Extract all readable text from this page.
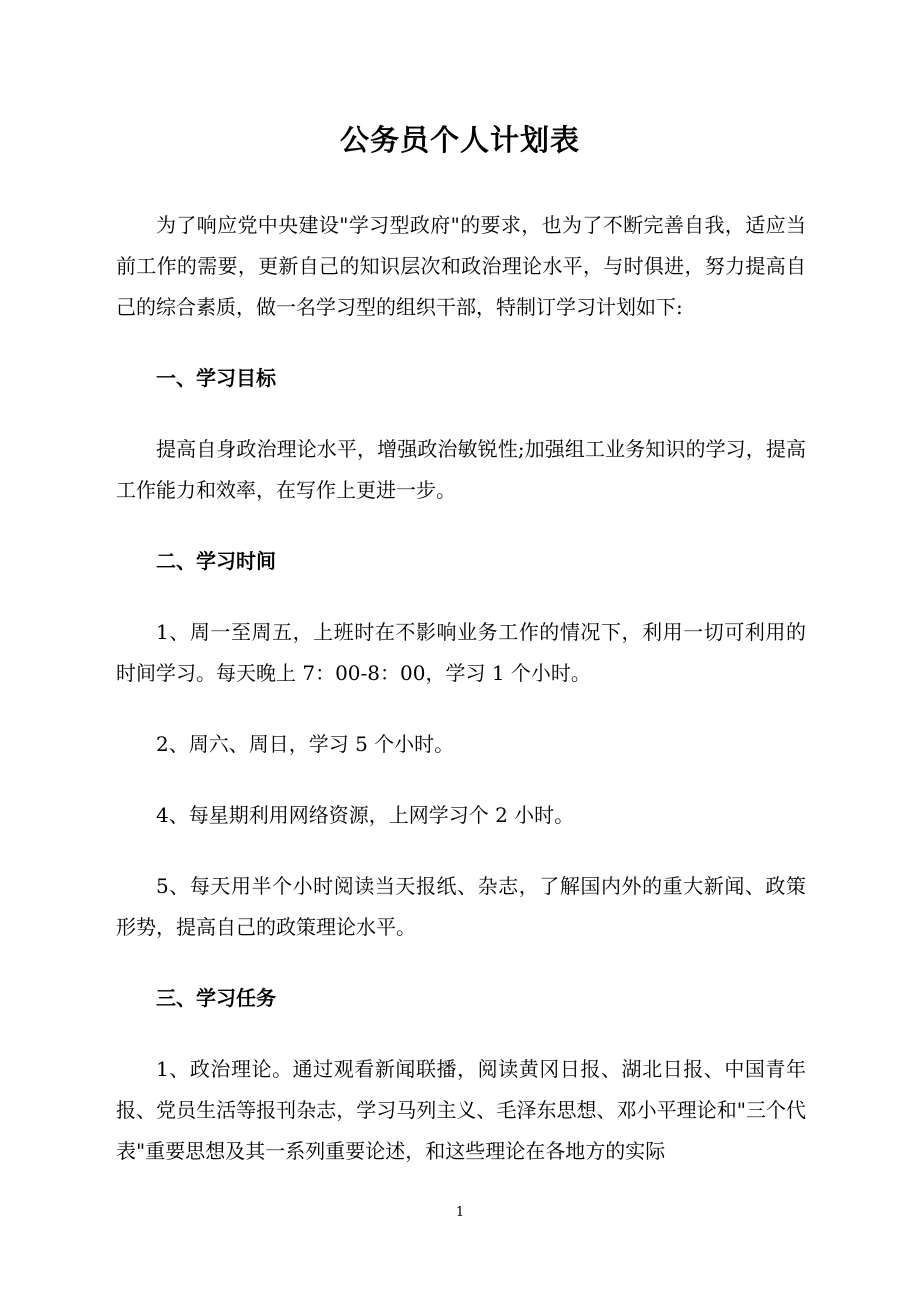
公务员个人计划表

为了响应党中央建设"学习型政府"的要求，也为了不断完善自我，适应当前工作的需要，更新自己的知识层次和政治理论水平，与时俱进，努力提高自己的综合素质，做一名学习型的组织干部，特制订学习计划如下:

一、学习目标

提高自身政治理论水平，增强政治敏锐性;加强组工业务知识的学习，提高工作能力和效率，在写作上更进一步。

二、学习时间

1、周一至周五，上班时在不影响业务工作的情况下，利用一切可利用的时间学习。每天晚上 7：00-8：00，学习 1 个小时。

2、周六、周日，学习 5 个小时。

4、每星期利用网络资源，上网学习个 2 小时。

5、每天用半个小时阅读当天报纸、杂志，了解国内外的重大新闻、政策形势，提高自己的政策理论水平。

三、学习任务

1、政治理论。通过观看新闻联播，阅读黄冈日报、湖北日报、中国青年报、党员生活等报刊杂志，学习马列主义、毛泽东思想、邓小平理论和"三个代表"重要思想及其一系列重要论述，和这些理论在各地方的实际

1
